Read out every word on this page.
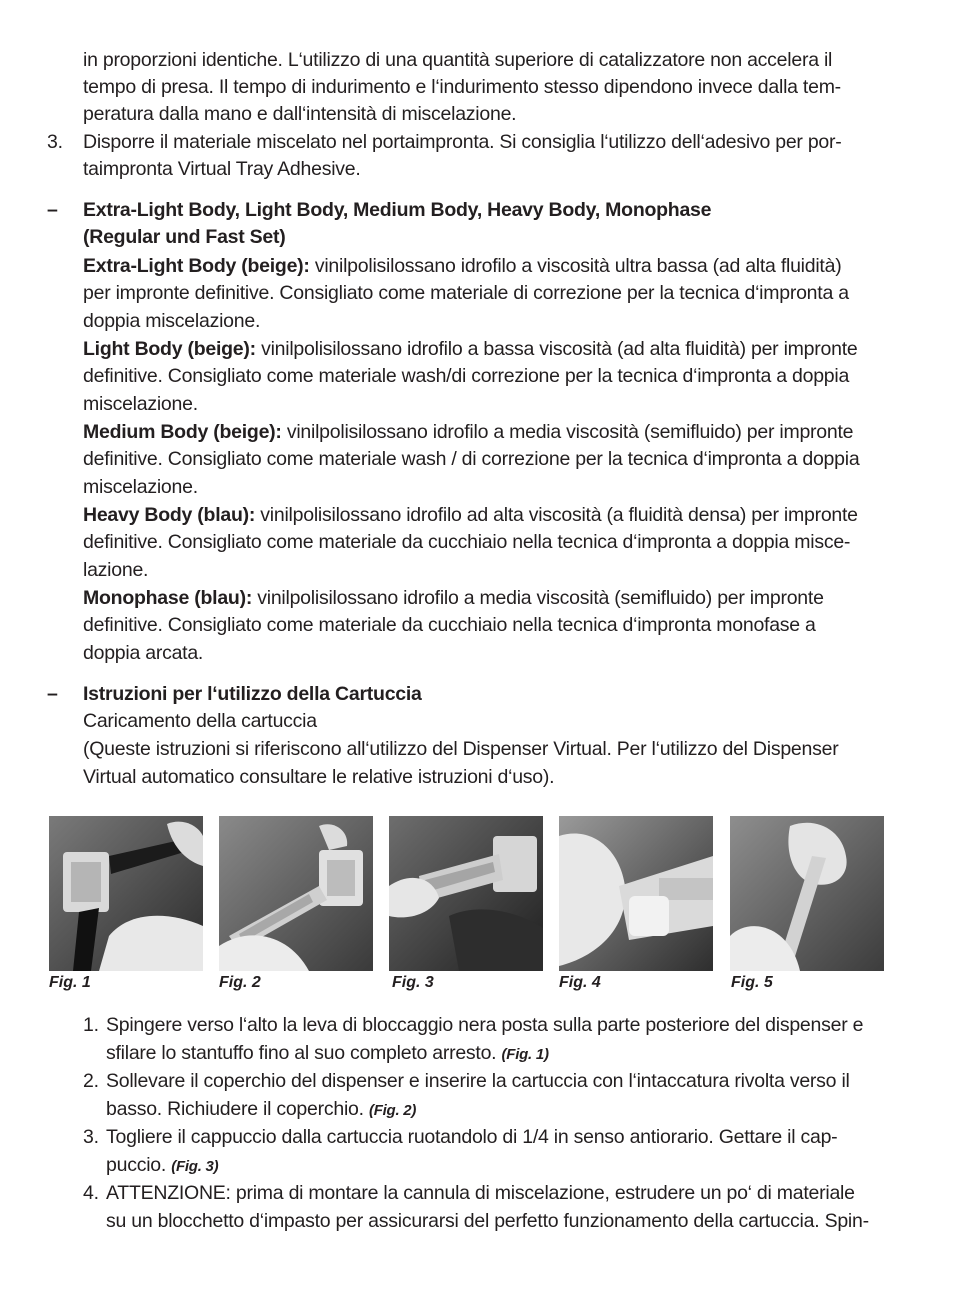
in proporzioni identiche. L‘utilizzo di una quantità superiore di catalizzatore non accelera il
tempo di presa. Il tempo di indurimento e l‘indurimento stesso dipendono invece dalla tem-
peratura dalla mano e dall‘intensità di miscelazione.
3. Disporre il materiale miscelato nel portaimpronta. Si consiglia l‘utilizzo dell‘adesivo per por-
taimpronta Virtual Tray Adhesive.
– Extra-Light Body, Light Body, Medium Body, Heavy Body, Monophase
(Regular und Fast Set)
Extra-Light Body (beige): vinilpolisilossano idrofilo a viscosità ultra bassa (ad alta fluidità)
per impronte definitive. Consigliato come materiale di correzione per la tecnica d‘impronta a
doppia miscelazione.
Light Body (beige): vinilpolisilossano idrofilo a bassa viscosità (ad alta fluidità) per impronte
definitive. Consigliato come materiale wash/di correzione per la tecnica d‘impronta a doppia
miscelazione.
Medium Body (beige): vinilpolisilossano idrofilo a media viscosità (semifluido) per impronte
definitive. Consigliato come materiale wash / di correzione per la tecnica d‘impronta a doppia
miscelazione.
Heavy Body (blau): vinilpolisilossano idrofilo ad alta viscosità (a fluidità densa) per impronte
definitive. Consigliato come materiale da cucchiaio nella tecnica d‘impronta a doppia misce-
lazione.
Monophase (blau): vinilpolisilossano idrofilo a media viscosità (semifluido) per impronte
definitive. Consigliato come materiale da cucchiaio nella tecnica d‘impronta monofase a
doppia arcata.
– Istruzioni per l‘utilizzo della Cartuccia
Caricamento della cartuccia
(Queste istruzioni si riferiscono all‘utilizzo del Dispenser Virtual. Per l‘utilizzo del Dispenser
Virtual automatico consultare le relative istruzioni d‘uso).
Fig. 1	Fig. 2	Fig. 3	Fig. 4	Fig. 5
1. Spingere verso l‘alto la leva di bloccaggio nera posta sulla parte posteriore del dispenser e
sfilare lo stantuffo fino al suo completo arresto. (Fig. 1)
2. Sollevare il coperchio del dispenser e inserire la cartuccia con l‘intaccatura rivolta verso il
basso. Richiudere il coperchio. (Fig. 2)
3. Togliere il cappuccio dalla cartuccia ruotandolo di 1/4 in senso antiorario. Gettare il cap-
puccio. (Fig. 3)
4. ATTENZIONE: prima di montare la cannula di miscelazione, estrudere un po‘ di materiale
su un blocchetto d‘impasto per assicurarsi del perfetto funzionamento della cartuccia. Spin-
